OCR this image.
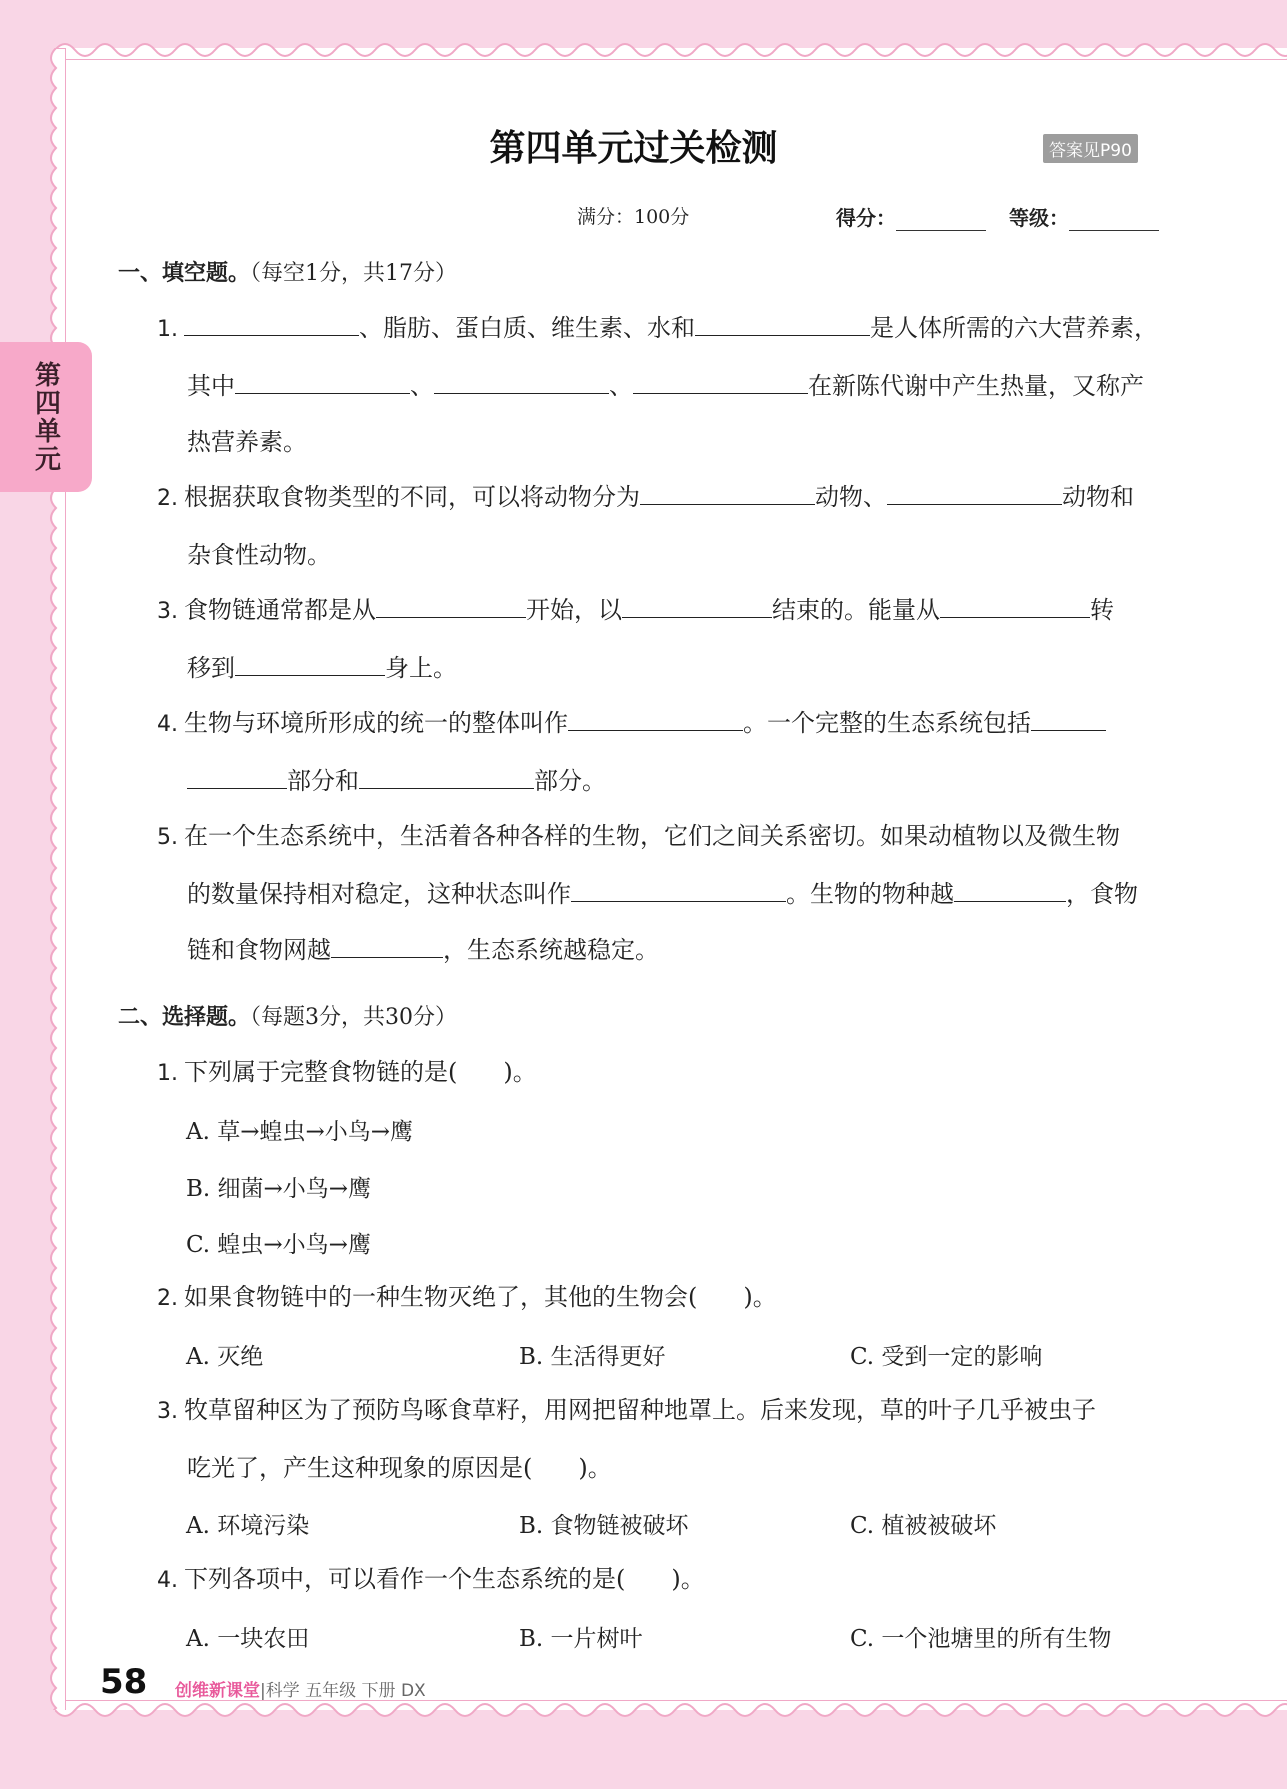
第四单元
第四单元过关检测	答案见P90
满分：100分	得分：	等级：
一、填空题。（每空1分，共17分）
1.	、脂肪、蛋白质、维生素、水和	是人体所需的六大营养素，
其中	、	、	在新陈代谢中产生热量，又称产
热营养素。
2. 根据获取食物类型的不同，可以将动物分为	动物、	动物和
杂食性动物。
3. 食物链通常都是从	开始，以	结束的。能量从	转
移到	身上。
4. 生物与环境所形成的统一的整体叫作	。一个完整的生态系统包括
部分和	部分。
5. 在一个生态系统中，生活着各种各样的生物，它们之间关系密切。如果动植物以及微生物
的数量保持相对稳定，这种状态叫作	。生物的物种越	，食物
链和食物网越	，生态系统越稳定。
二、选择题。（每题3分，共30分）
1. 下列属于完整食物链的是( )。
A. 草→蝗虫→小鸟→鹰
B. 细菌→小鸟→鹰
C. 蝗虫→小鸟→鹰
2. 如果食物链中的一种生物灭绝了，其他的生物会( )。
A. 灭绝	B. 生活得更好	C. 受到一定的影响
3. 牧草留种区为了预防鸟啄食草籽，用网把留种地罩上。后来发现，草的叶子几乎被虫子
吃光了，产生这种现象的原因是( )。
A. 环境污染	B. 食物链被破坏	C. 植被被破坏
4. 下列各项中，可以看作一个生态系统的是( )。
A. 一块农田	B. 一片树叶	C. 一个池塘里的所有生物
58 创维新课堂|科学 五年级 下册 DX
